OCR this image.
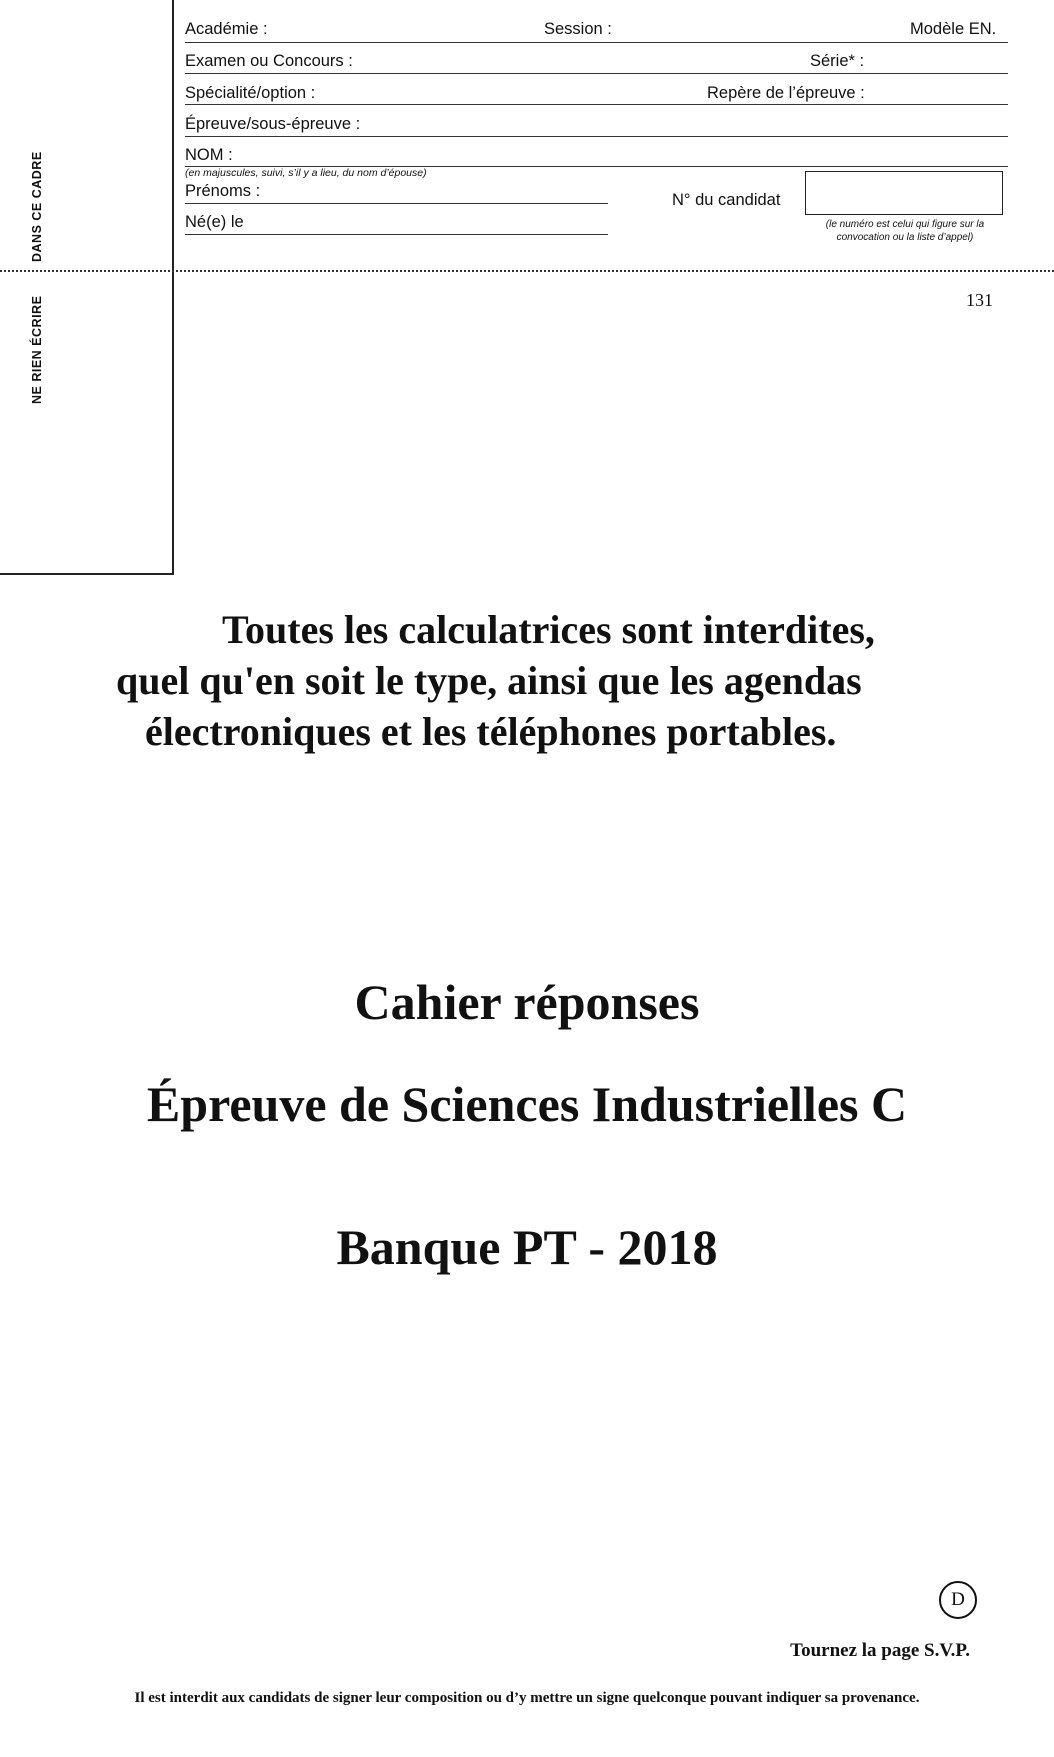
DANS CE CADRE
NE RIEN ÉCRIRE
Académie :	Session :	Modèle EN.
Examen ou Concours :	Série* :
Spécialité/option :	Repère de l’épreuve :
Épreuve/sous-épreuve :
NOM :
(en majuscules, suivi, s’il y a lieu, du nom d’épouse)
Prénoms :	N° du candidat
(le numéro est celui qui figure sur la
convocation ou la liste d’appel)
Né(e) le
131
Toutes les calculatrices sont interdites,
quel qu'en soit le type, ainsi que les agendas
électroniques et les téléphones portables.
Cahier réponses
Épreuve de Sciences Industrielles C
Banque PT - 2018
D
Tournez la page S.V.P.
Il est interdit aux candidats de signer leur composition ou d’y mettre un signe quelconque pouvant indiquer sa provenance.
